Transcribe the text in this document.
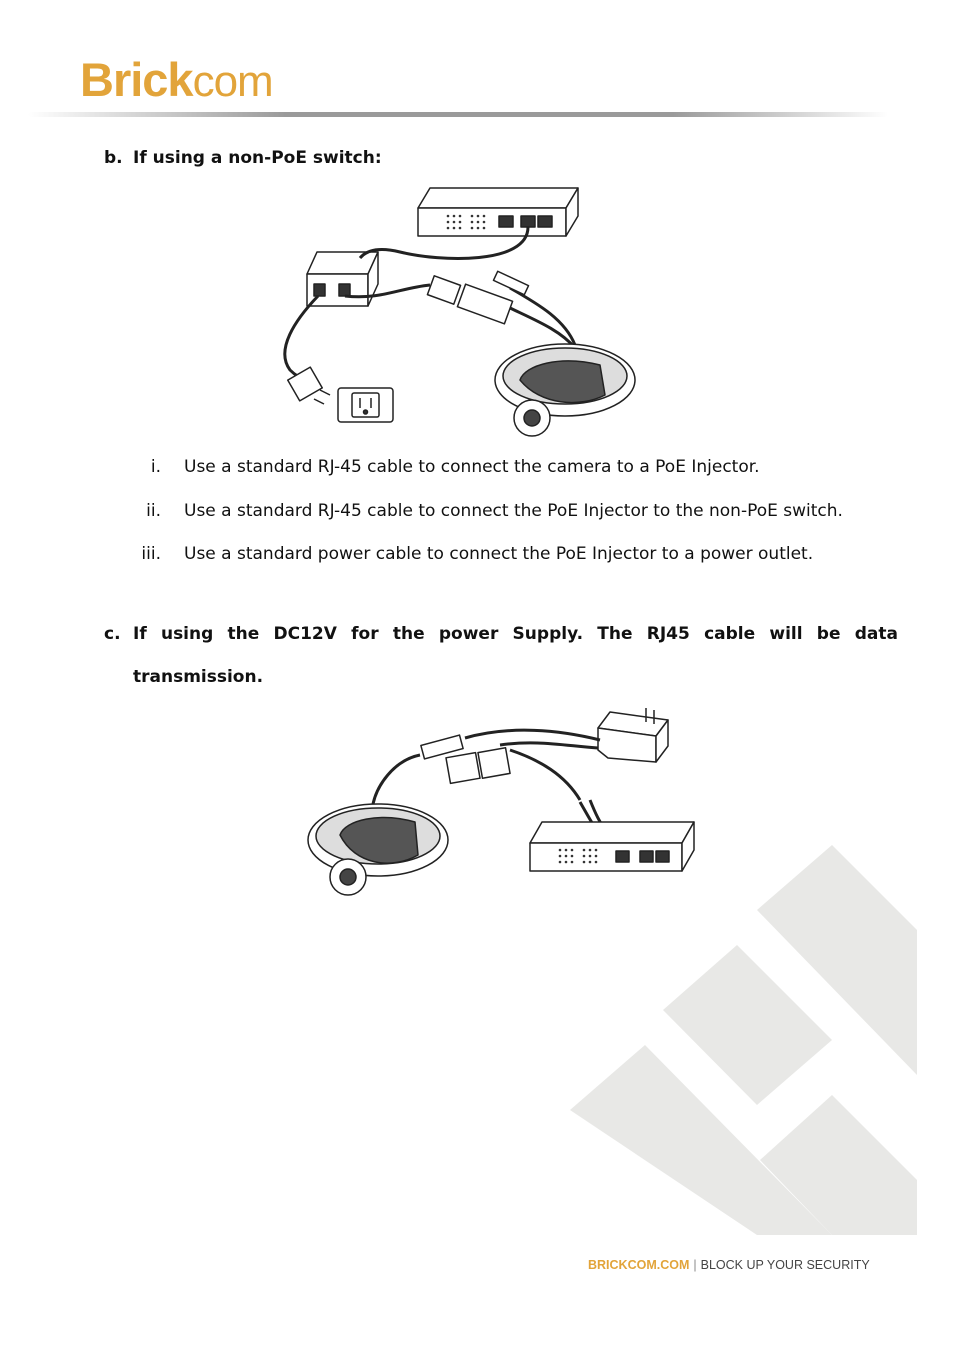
Brickcom
b. If using a non-PoE switch:
i. Use a standard RJ-45 cable to connect the camera to a PoE Injector.
ii. Use a standard RJ-45 cable to connect the PoE Injector to the non-PoE switch.
iii. Use a standard power cable to connect the PoE Injector to a power outlet.
c. If using the DC12V for the power Supply. The RJ45 cable will be data
transmission.
BRICKCOM.COM | BLOCK UP YOUR SECURITY
